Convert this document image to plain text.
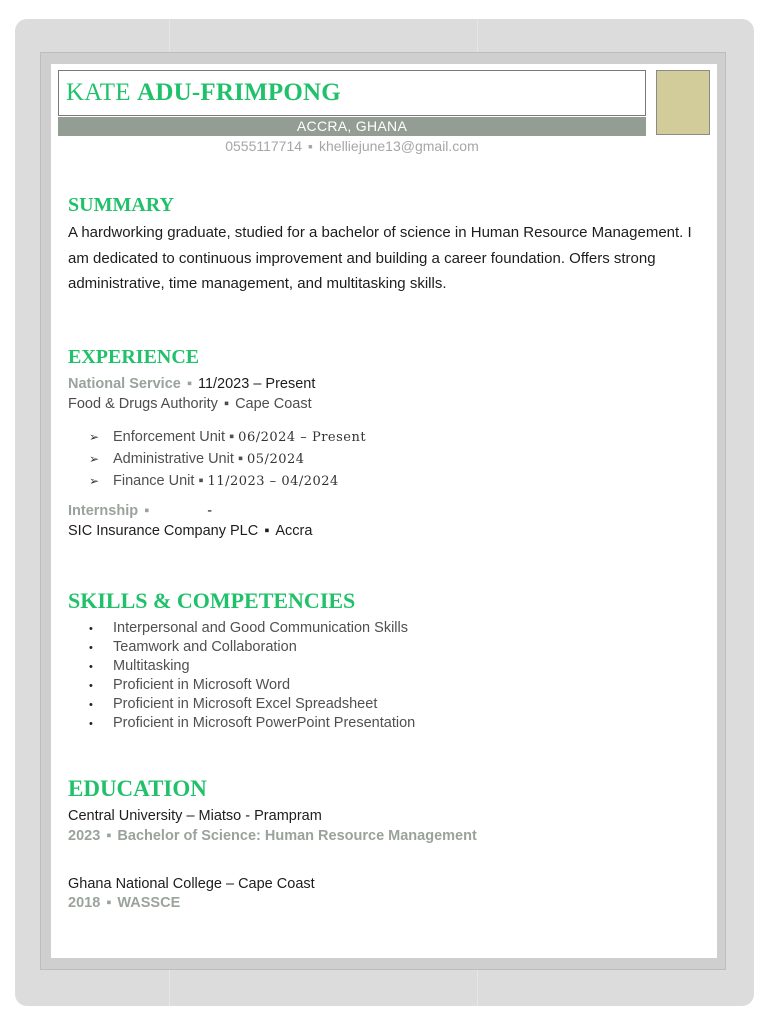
KATE ADU-FRIMPONG
ACCRA, GHANA
0555117714 ▪ khelliejune13@gmail.com
SUMMARY
A hardworking graduate, studied for a bachelor of science in Human Resource Management. I am dedicated to continuous improvement and building a career foundation. Offers strong administrative, time management, and multitasking skills.
EXPERIENCE
National Service ▪ 11/2023 – Present
Food & Drugs Authority ▪ Cape Coast
➢ Enforcement Unit ▪ 06/2024 – Present
➢ Administrative Unit ▪ 05/2024
➢ Finance Unit ▪ 11/2023 – 04/2024
Internship ▪	-
SIC Insurance Company PLC ▪ Accra
SKILLS & COMPETENCIES
• Interpersonal and Good Communication Skills
• Teamwork and Collaboration
• Multitasking
• Proficient in Microsoft Word
• Proficient in Microsoft Excel Spreadsheet
• Proficient in Microsoft PowerPoint Presentation
EDUCATION
Central University – Miatso - Prampram
2023 ▪ Bachelor of Science: Human Resource Management
Ghana National College – Cape Coast
2018 ▪ WASSCE
